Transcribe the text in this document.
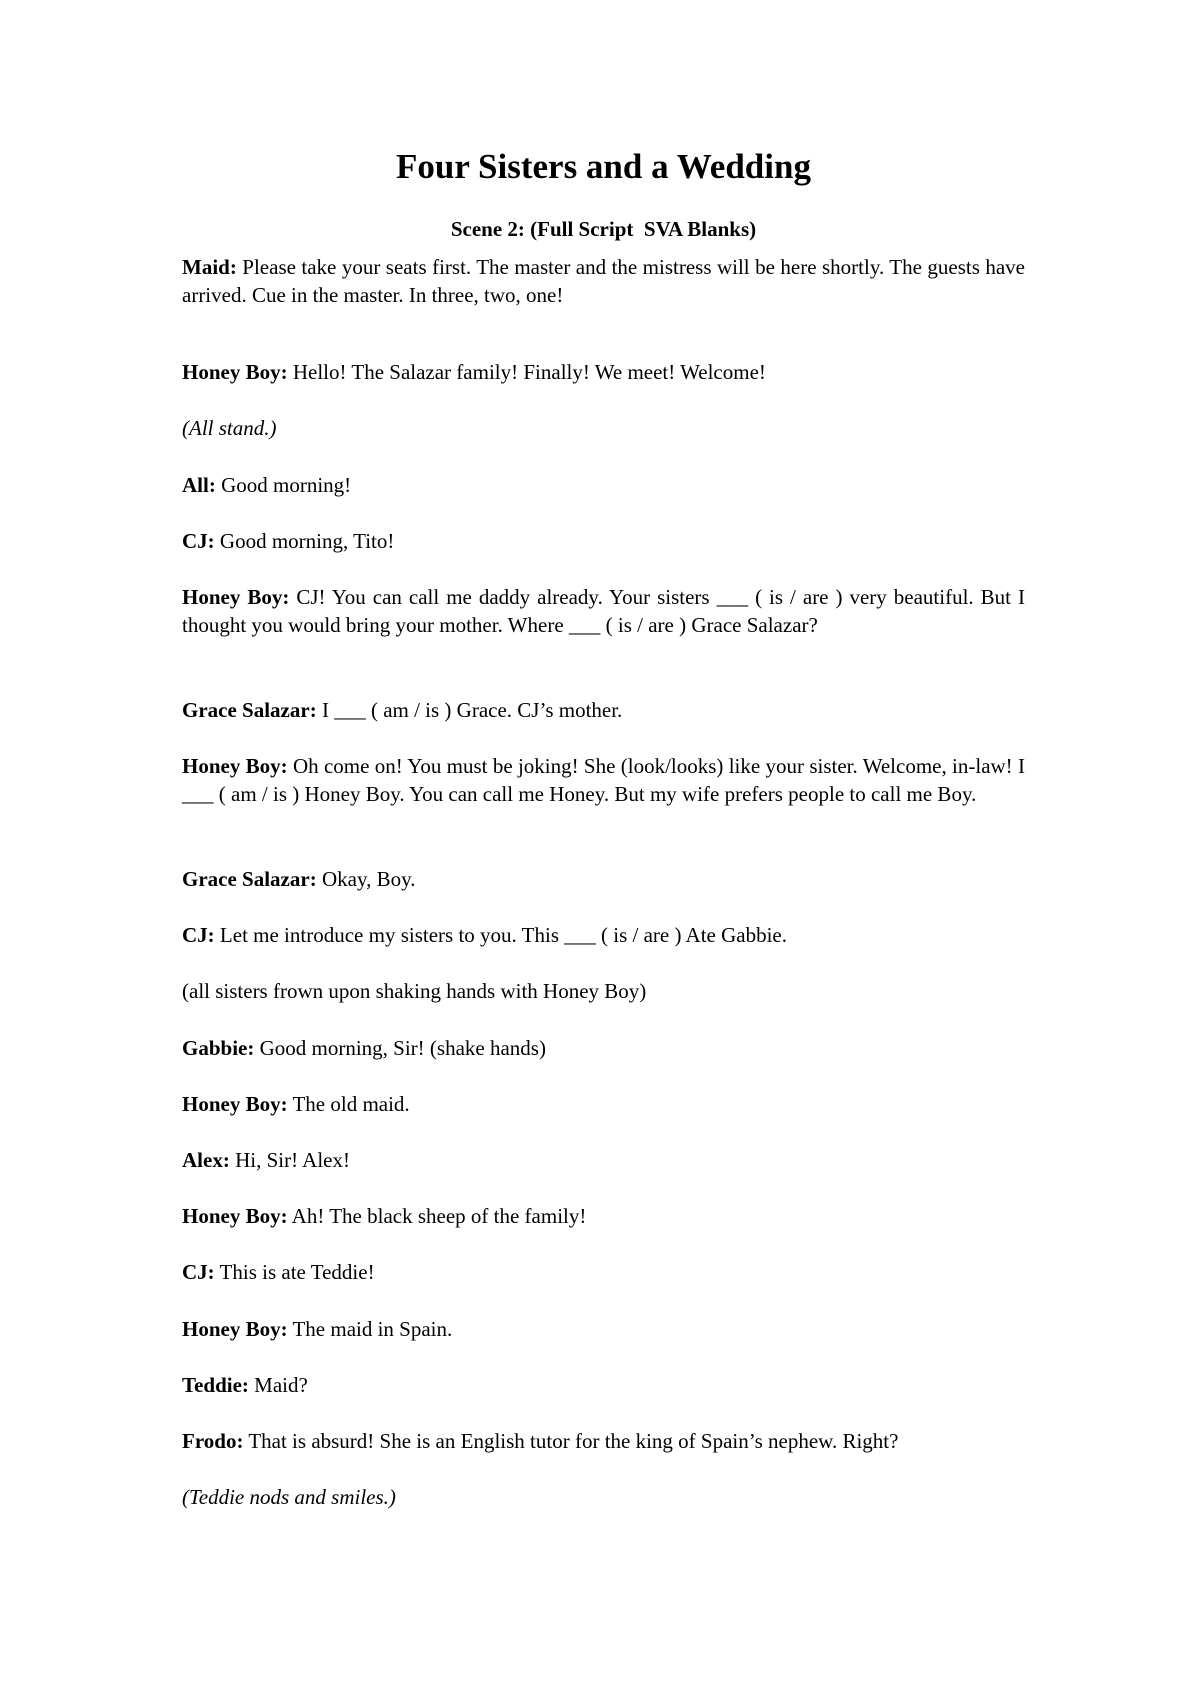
Four Sisters and a Wedding
Scene 2: (Full Script  SVA Blanks)

Maid: Please take your seats first. The master and the mistress will be here shortly. The guests have arrived. Cue in the master. In three, two, one!

Honey Boy: Hello! The Salazar family! Finally! We meet! Welcome!

(All stand.)

All: Good morning!

CJ: Good morning, Tito!

Honey Boy: CJ! You can call me daddy already. Your sisters ___ ( is / are ) very beautiful. But I thought you would bring your mother. Where ___ ( is / are ) Grace Salazar?

Grace Salazar: I ___ ( am / is ) Grace. CJ’s mother.

Honey Boy: Oh come on! You must be joking! She (look/looks) like your sister. Welcome, in-law! I ___ ( am / is ) Honey Boy. You can call me Honey. But my wife prefers people to call me Boy.

Grace Salazar: Okay, Boy.

CJ: Let me introduce my sisters to you. This ___ ( is / are ) Ate Gabbie.

(all sisters frown upon shaking hands with Honey Boy)

Gabbie: Good morning, Sir! (shake hands)

Honey Boy: The old maid.

Alex: Hi, Sir! Alex!

Honey Boy: Ah! The black sheep of the family!

CJ: This is ate Teddie!

Honey Boy: The maid in Spain.

Teddie: Maid?

Frodo: That is absurd! She is an English tutor for the king of Spain’s nephew. Right?

(Teddie nods and smiles.)
